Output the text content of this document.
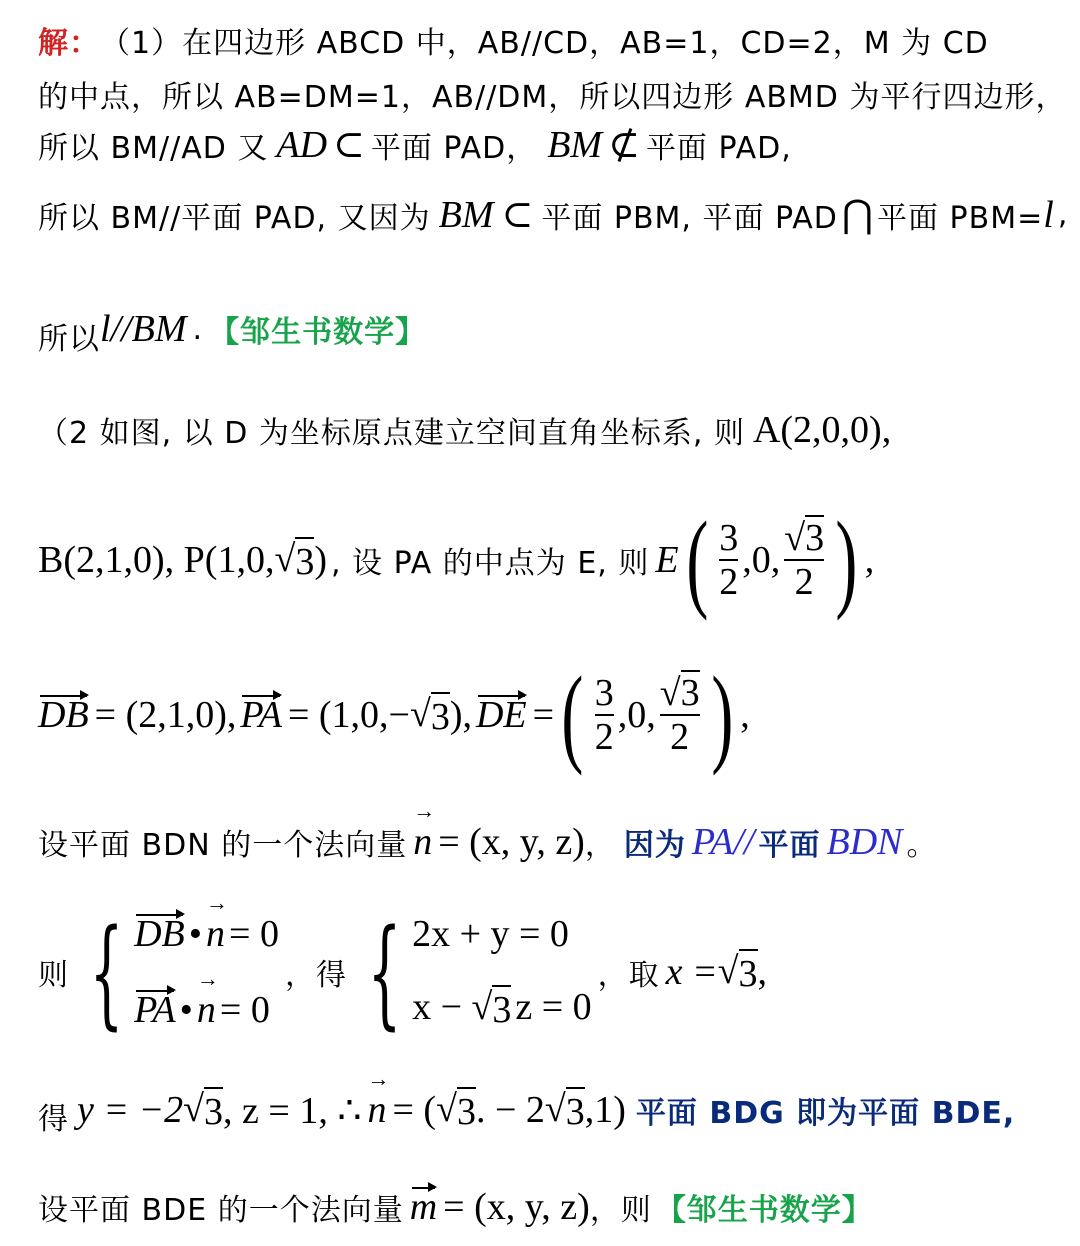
解： （1）在四边形 ABCD 中，AB//CD，AB=1，CD=2，M 为 CD
的中点，所以 AB=DM=1，AB//DM，所以四边形 ABMD 为平行四边形，
所以 BM//AD 又 AD ⊂ 平面 PAD， BM ⊄ 平面 PAD,
所以 BM//平面 PAD, 又因为 BM ⊂ 平面 PBM, 平面 PAD ⋂ 平面 PBM= l ,
所以 l//BM . 【邹生书数学】
（2 如图, 以 D 为坐标原点建立空间直角坐标系, 则 A(2,0,0),
B(2,1,0), P(1,0, √ 3 ) , 设 PA 的中点为 E, 则 E ( $\frac{3}{2} ,0$, $\frac{√3}{2}$ ) ,
DB = (2,1,0), PA = (1,0,− √ 3 ), DE = ( $\frac{3}{2} ,0$, $\frac{√3}{2}$ ) ,
设平面 BDN 的一个法向量 n → = (x, y, z) ， 因为 PA// 平面 BDN 。
则 { DB • n → = 0
PA • n → = 0
，得 { 2x + y = 0
x − √ 3 z = 0
，取 x = √ 3 ,
得 y = −2 √ 3 , z = 1, ∴ n → = ( √ 3 . − 2 √ 3 ,1) 平面 BDG 即为平面 BDE,
设平面 BDE 的一个法向量 m = (x, y, z) ，则 【邹生书数学】
